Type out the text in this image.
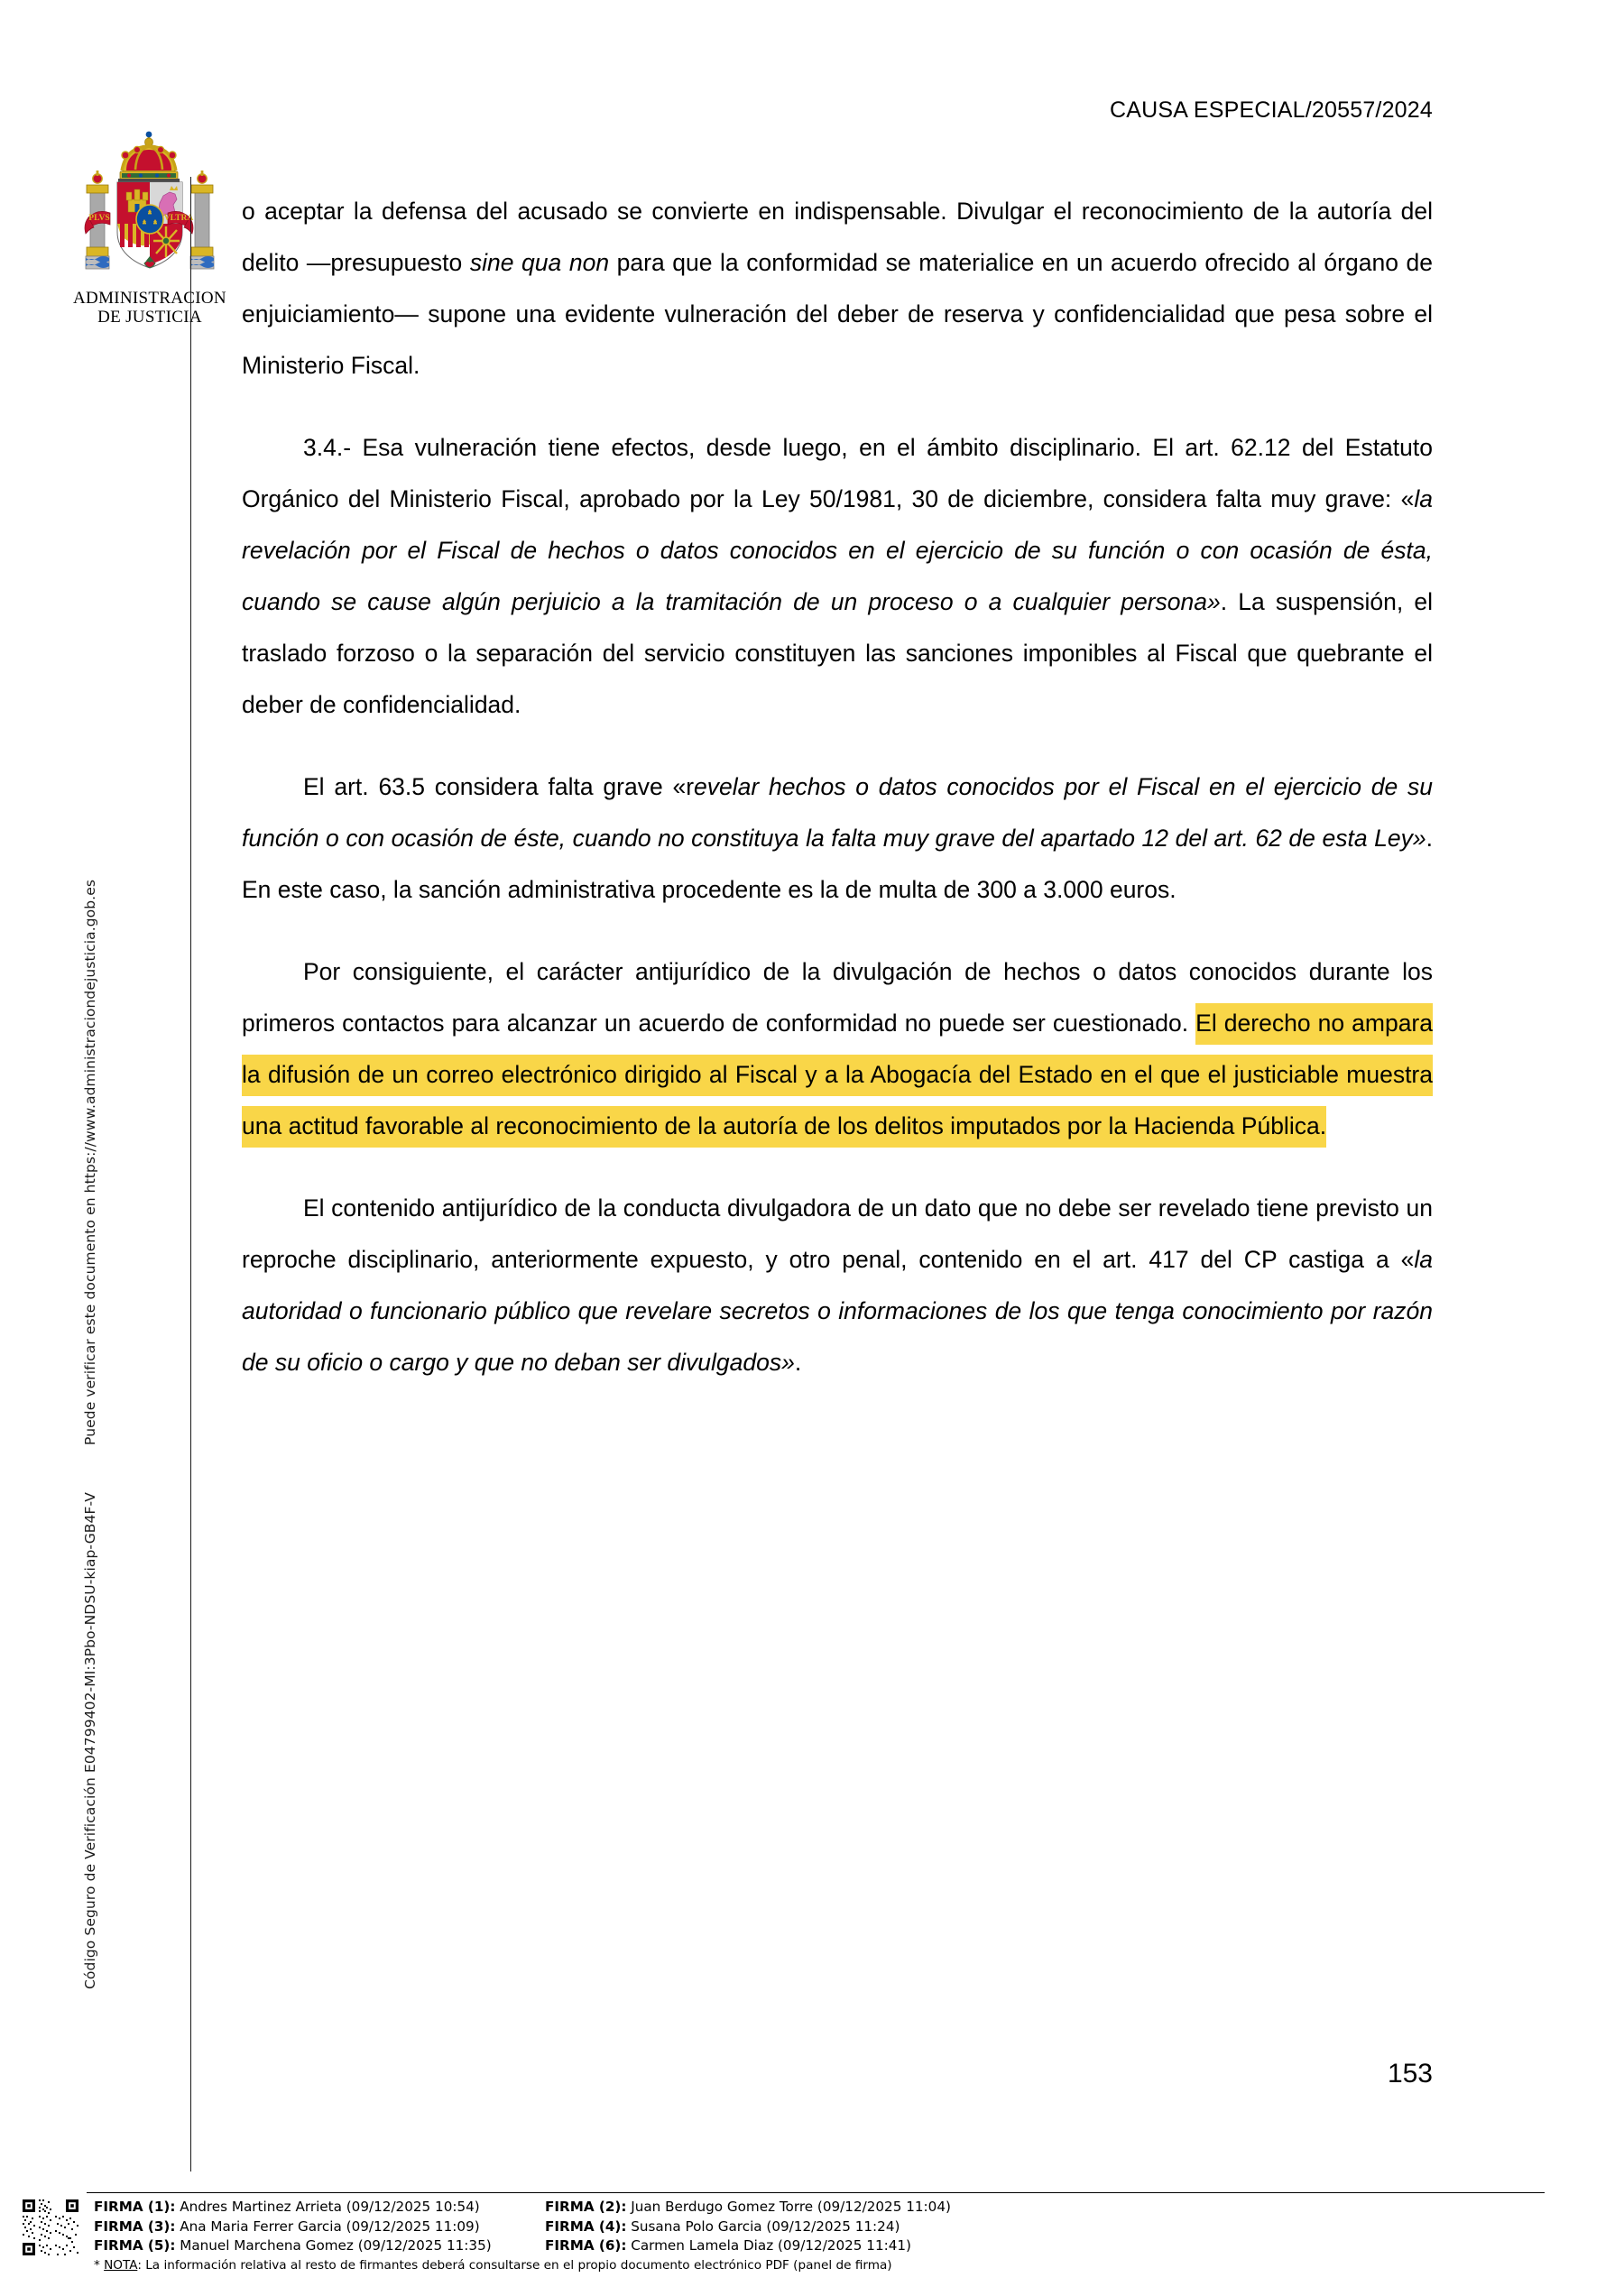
Código Seguro de Verificación E04799402-MI:3Pbo-NDSU-kiap-GB4F-VPuede verificar este documento en https://www.administraciondejusticia.gob.es
PLVS	VLTRA
ADMINISTRACION
DE JUSTICIA
CAUSA ESPECIAL/20557/2024

o aceptar la defensa del acusado se convierte en indispensable. Divulgar el reconocimiento de la autoría del delito —presupuesto sine qua non para que la conformidad se materialice en un acuerdo ofrecido al órgano de enjuiciamiento— supone una evidente vulneración del deber de reserva y confidencialidad que pesa sobre el Ministerio Fiscal.

3.4.- Esa vulneración tiene efectos, desde luego, en el ámbito disciplinario. El art. 62.12 del Estatuto Orgánico del Ministerio Fiscal, aprobado por la Ley 50/1981, 30 de diciembre, considera falta muy grave: «la revelación por el Fiscal de hechos o datos conocidos en el ejercicio de su función o con ocasión de ésta, cuando se cause algún perjuicio a la tramitación de un proceso o a cualquier persona». La suspensión, el traslado forzoso o la separación del servicio constituyen las sanciones imponibles al Fiscal que quebrante el deber de confidencialidad.

El art. 63.5 considera falta grave «revelar hechos o datos conocidos por el Fiscal en el ejercicio de su función o con ocasión de éste, cuando no constituya la falta muy grave del apartado 12 del art. 62 de esta Ley». En este caso, la sanción administrativa procedente es la de multa de 300 a 3.000 euros.

Por consiguiente, el carácter antijurídico de la divulgación de hechos o datos conocidos durante los primeros contactos para alcanzar un acuerdo de conformidad no puede ser cuestionado. El derecho no ampara la difusión de un correo electrónico dirigido al Fiscal y a la Abogacía del Estado en el que el justiciable muestra una actitud favorable al reconocimiento de la autoría de los delitos imputados por la Hacienda Pública.

El contenido antijurídico de la conducta divulgadora de un dato que no debe ser revelado tiene previsto un reproche disciplinario, anteriormente expuesto, y otro penal, contenido en el art. 417 del CP castiga a «la autoridad o funcionario público que revelare secretos o informaciones de los que tenga conocimiento por razón de su oficio o cargo y que no deban ser divulgados».

153
FIRMA (1): Andres Martinez Arrieta (09/12/2025 10:54)	FIRMA (2): Juan Berdugo Gomez Torre (09/12/2025 11:04)
FIRMA (3): Ana Maria Ferrer Garcia (09/12/2025 11:09)	FIRMA (4): Susana Polo Garcia (09/12/2025 11:24)
FIRMA (5): Manuel Marchena Gomez (09/12/2025 11:35)	FIRMA (6): Carmen Lamela Diaz (09/12/2025 11:41)
* NOTA: La información relativa al resto de firmantes deberá consultarse en el propio documento electrónico PDF (panel de firma)
